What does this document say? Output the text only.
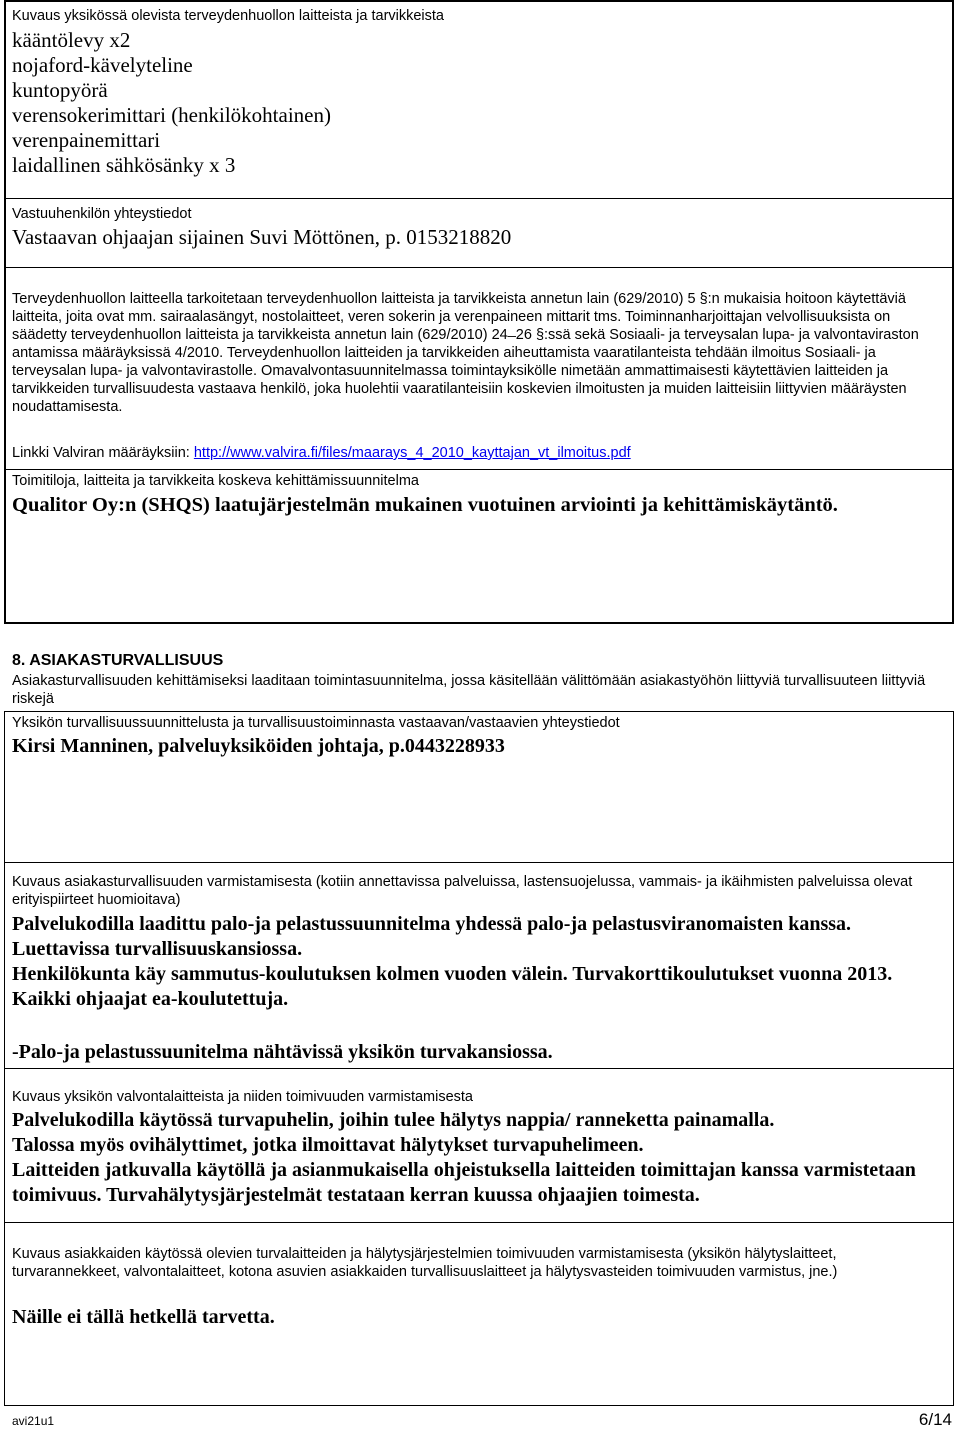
Kuvaus yksikössä olevista terveydenhuollon laitteista ja tarvikkeista
kääntölevy x2
nojaford-kävelyteline
kuntopyörä
verensokerimittari (henkilökohtainen)
verenpainemittari
laidallinen sähkösänky x 3
Vastuuhenkilön yhteystiedot
Vastaavan ohjaajan sijainen Suvi Möttönen, p. 0153218820
Terveydenhuollon laitteella tarkoitetaan terveydenhuollon laitteista ja tarvikkeista annetun lain (629/2010) 5 §:n mukaisia hoitoon käytettäviä laitteita, joita ovat mm. sairaalasängyt, nostolaitteet, veren sokerin ja verenpaineen mittarit tms. Toiminnanharjoittajan velvollisuuksista on säädetty terveydenhuollon laitteista ja tarvikkeista annetun lain (629/2010) 24 ̶ 26 §:ssä sekä Sosiaali- ja terveysalan lupa- ja valvontaviraston antamissa määräyksissä 4/2010. Terveydenhuollon laitteiden ja tarvikkeiden aiheuttamista vaaratilanteista tehdään ilmoitus Sosiaali- ja terveysalan lupa- ja valvontavirastolle. Omavalvontasuunnitelmassa toimintayksikölle nimetään ammattimaisesti käytettävien laitteiden ja tarvikkeiden turvallisuudesta vastaava henkilö, joka huolehtii vaaratilanteisiin koskevien ilmoitusten ja muiden laitteisiin liittyvien määräysten noudattamisesta.
Linkki Valviran määräyksiin: http://www.valvira.fi/files/maarays_4_2010_kayttajan_vt_ilmoitus.pdf
Toimitiloja, laitteita ja tarvikkeita koskeva kehittämissuunnitelma
Qualitor Oy:n (SHQS) laatujärjestelmän mukainen vuotuinen arviointi ja kehittämiskäytäntö.
8. ASIAKASTURVALLISUUS
Asiakasturvallisuuden kehittämiseksi laaditaan toimintasuunnitelma, jossa käsitellään välittömään asiakastyöhön liittyviä turvallisuuteen liittyviä riskejä
Yksikön turvallisuussuunnittelusta ja turvallisuustoiminnasta vastaavan/vastaavien yhteystiedot
Kirsi Manninen, palveluyksiköiden johtaja, p.0443228933
Kuvaus asiakasturvallisuuden varmistamisesta (kotiin annettavissa palveluissa, lastensuojelussa, vammais- ja ikäihmisten palveluissa olevat erityispiirteet huomioitava)
Palvelukodilla laadittu palo-ja pelastussuunnitelma yhdessä palo-ja pelastusviranomaisten kanssa.
Luettavissa turvallisuuskansiossa.
Henkilökunta käy sammutus-koulutuksen kolmen vuoden välein. Turvakorttikoulutukset vuonna 2013. Kaikki ohjaajat ea-koulutettuja.
-Palo-ja pelastussuunitelma nähtävissä yksikön turvakansiossa.
Kuvaus yksikön valvontalaitteista ja niiden toimivuuden varmistamisesta
Palvelukodilla käytössä turvapuhelin, joihin tulee hälytys nappia/ ranneketta painamalla.
Talossa myös ovihälyttimet, jotka ilmoittavat hälytykset turvapuhelimeen.
Laitteiden jatkuvalla käytöllä ja asianmukaisella ohjeistuksella laitteiden toimittajan kanssa varmistetaan toimivuus. Turvahälytysjärjestelmät testataan kerran kuussa ohjaajien toimesta.
Kuvaus asiakkaiden käytössä olevien turvalaitteiden ja hälytysjärjestelmien toimivuuden varmistamisesta (yksikön hälytyslaitteet, turvarannekkeet, valvontalaitteet, kotona asuvien asiakkaiden turvallisuuslaitteet ja hälytysvasteiden toimivuuden varmistus, jne.)
Näille ei tällä hetkellä tarvetta.
avi21u1	6/14
